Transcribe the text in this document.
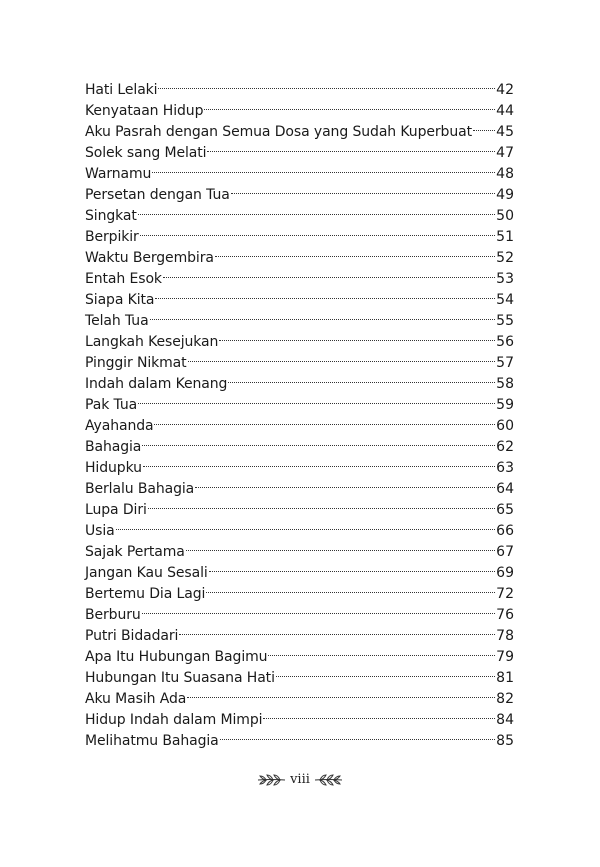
Hati Lelaki	42
Kenyataan Hidup	44
Aku Pasrah dengan Semua Dosa yang Sudah Kuperbuat 45
Solek sang Melati	47
Warnamu	48
Persetan dengan Tua	49
Singkat	50
Berpikir	51
Waktu Bergembira	52
Entah Esok	53
Siapa Kita	54
Telah Tua	55
Langkah Kesejukan	56
Pinggir Nikmat	57
Indah dalam Kenang	58
Pak Tua	59
Ayahanda	60
Bahagia	62
Hidupku	63
Berlalu Bahagia	64
Lupa Diri	65
Usia	66
Sajak Pertama	67
Jangan Kau Sesali	69
Bertemu Dia Lagi	72
Berburu	76
Putri Bidadari	78
Apa Itu Hubungan Bagimu	79
Hubungan Itu Suasana Hati	81
Aku Masih Ada	82
Hidup Indah dalam Mimpi	84
Melihatmu Bahagia	85
viii
